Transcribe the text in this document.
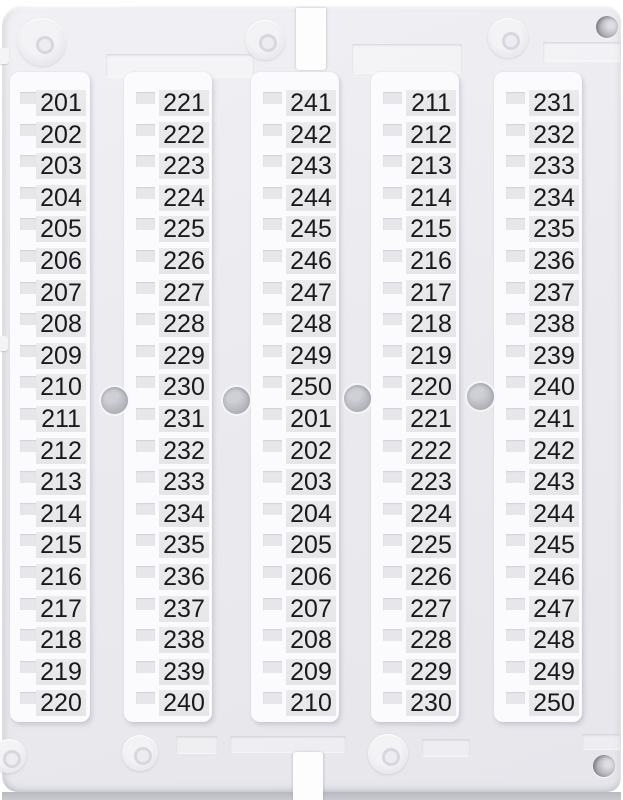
201
202
203
204
205
206
207
208
209
210
211
212
213
214
215
216
217
218
219
220
221
222
223
224
225
226
227
228
229
230
231
232
233
234
235
236
237
238
239
240
241
242
243
244
245
246
247
248
249
250
201
202
203
204
205
206
207
208
209
210
211
212
213
214
215
216
217
218
219
220
221
222
223
224
225
226
227
228
229
230
231
232
233
234
235
236
237
238
239
240
241
242
243
244
245
246
247
248
249
250
